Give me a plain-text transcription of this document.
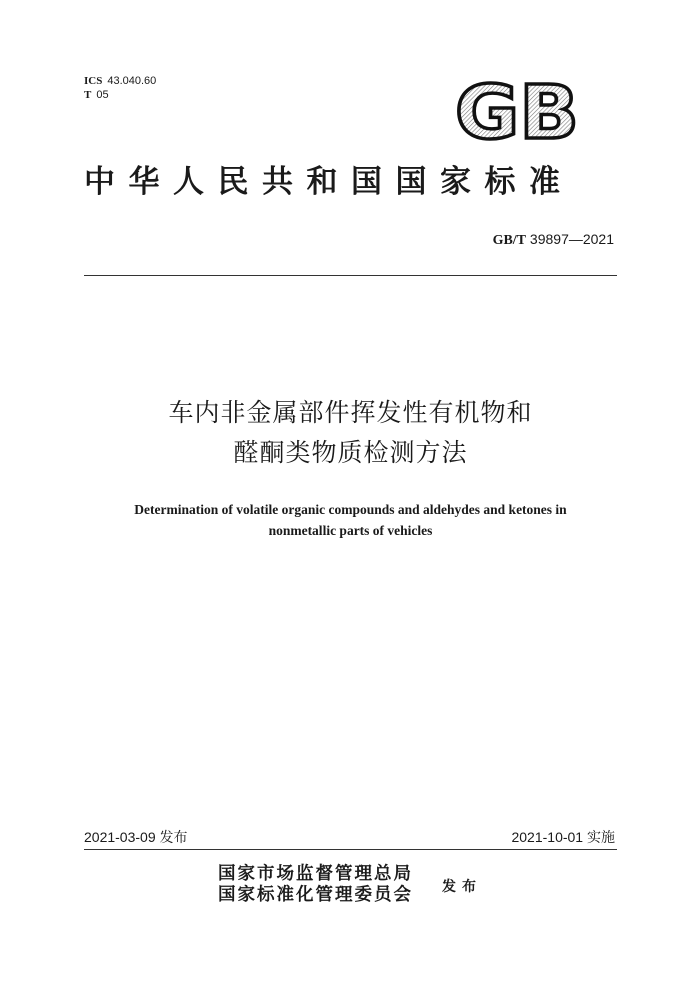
ICS 43.040.60
T 05	GB
中华人民共和国国家标准
GB/T 39897—2021
车内非金属部件挥发性有机物和
醛酮类物质检测方法
Determination of volatile organic compounds and aldehydes and ketones in
nonmetallic parts of vehicles
2021-03-09 发布	2021-10-01 实施
国家市场监督管理总局
国家标准化管理委员会 发布
